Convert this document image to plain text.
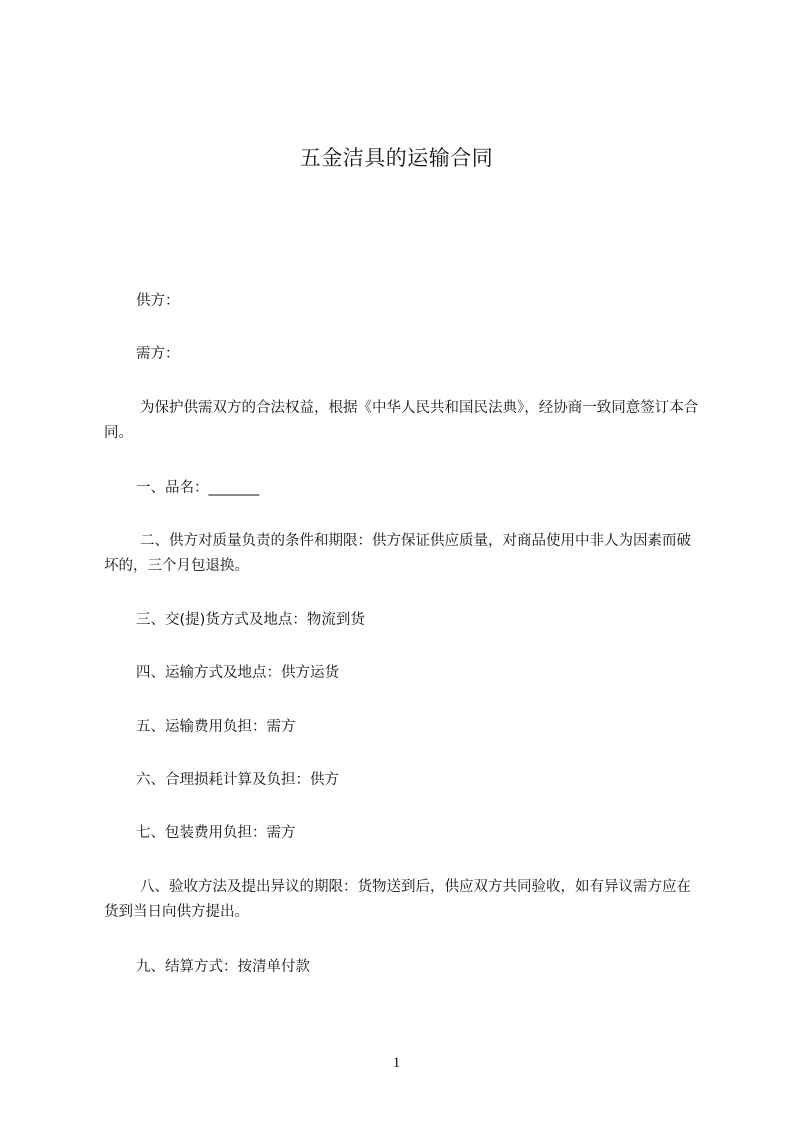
五金洁具的运输合同
供方：
需方：
为保护供需双方的合法权益，根据《中华人民共和国民法典》，经协商一致同意签订本合同。
一、品名：_______
二、供方对质量负责的条件和期限：供方保证供应质量，对商品使用中非人为因素而破坏的，三个月包退换。
三、交(提)货方式及地点：物流到货
四、运输方式及地点：供方运货
五、运输费用负担：需方
六、合理损耗计算及负担：供方
七、包装费用负担：需方
八、验收方法及提出异议的期限：货物送到后，供应双方共同验收，如有异议需方应在货到当日向供方提出。
九、结算方式：按清单付款
1
